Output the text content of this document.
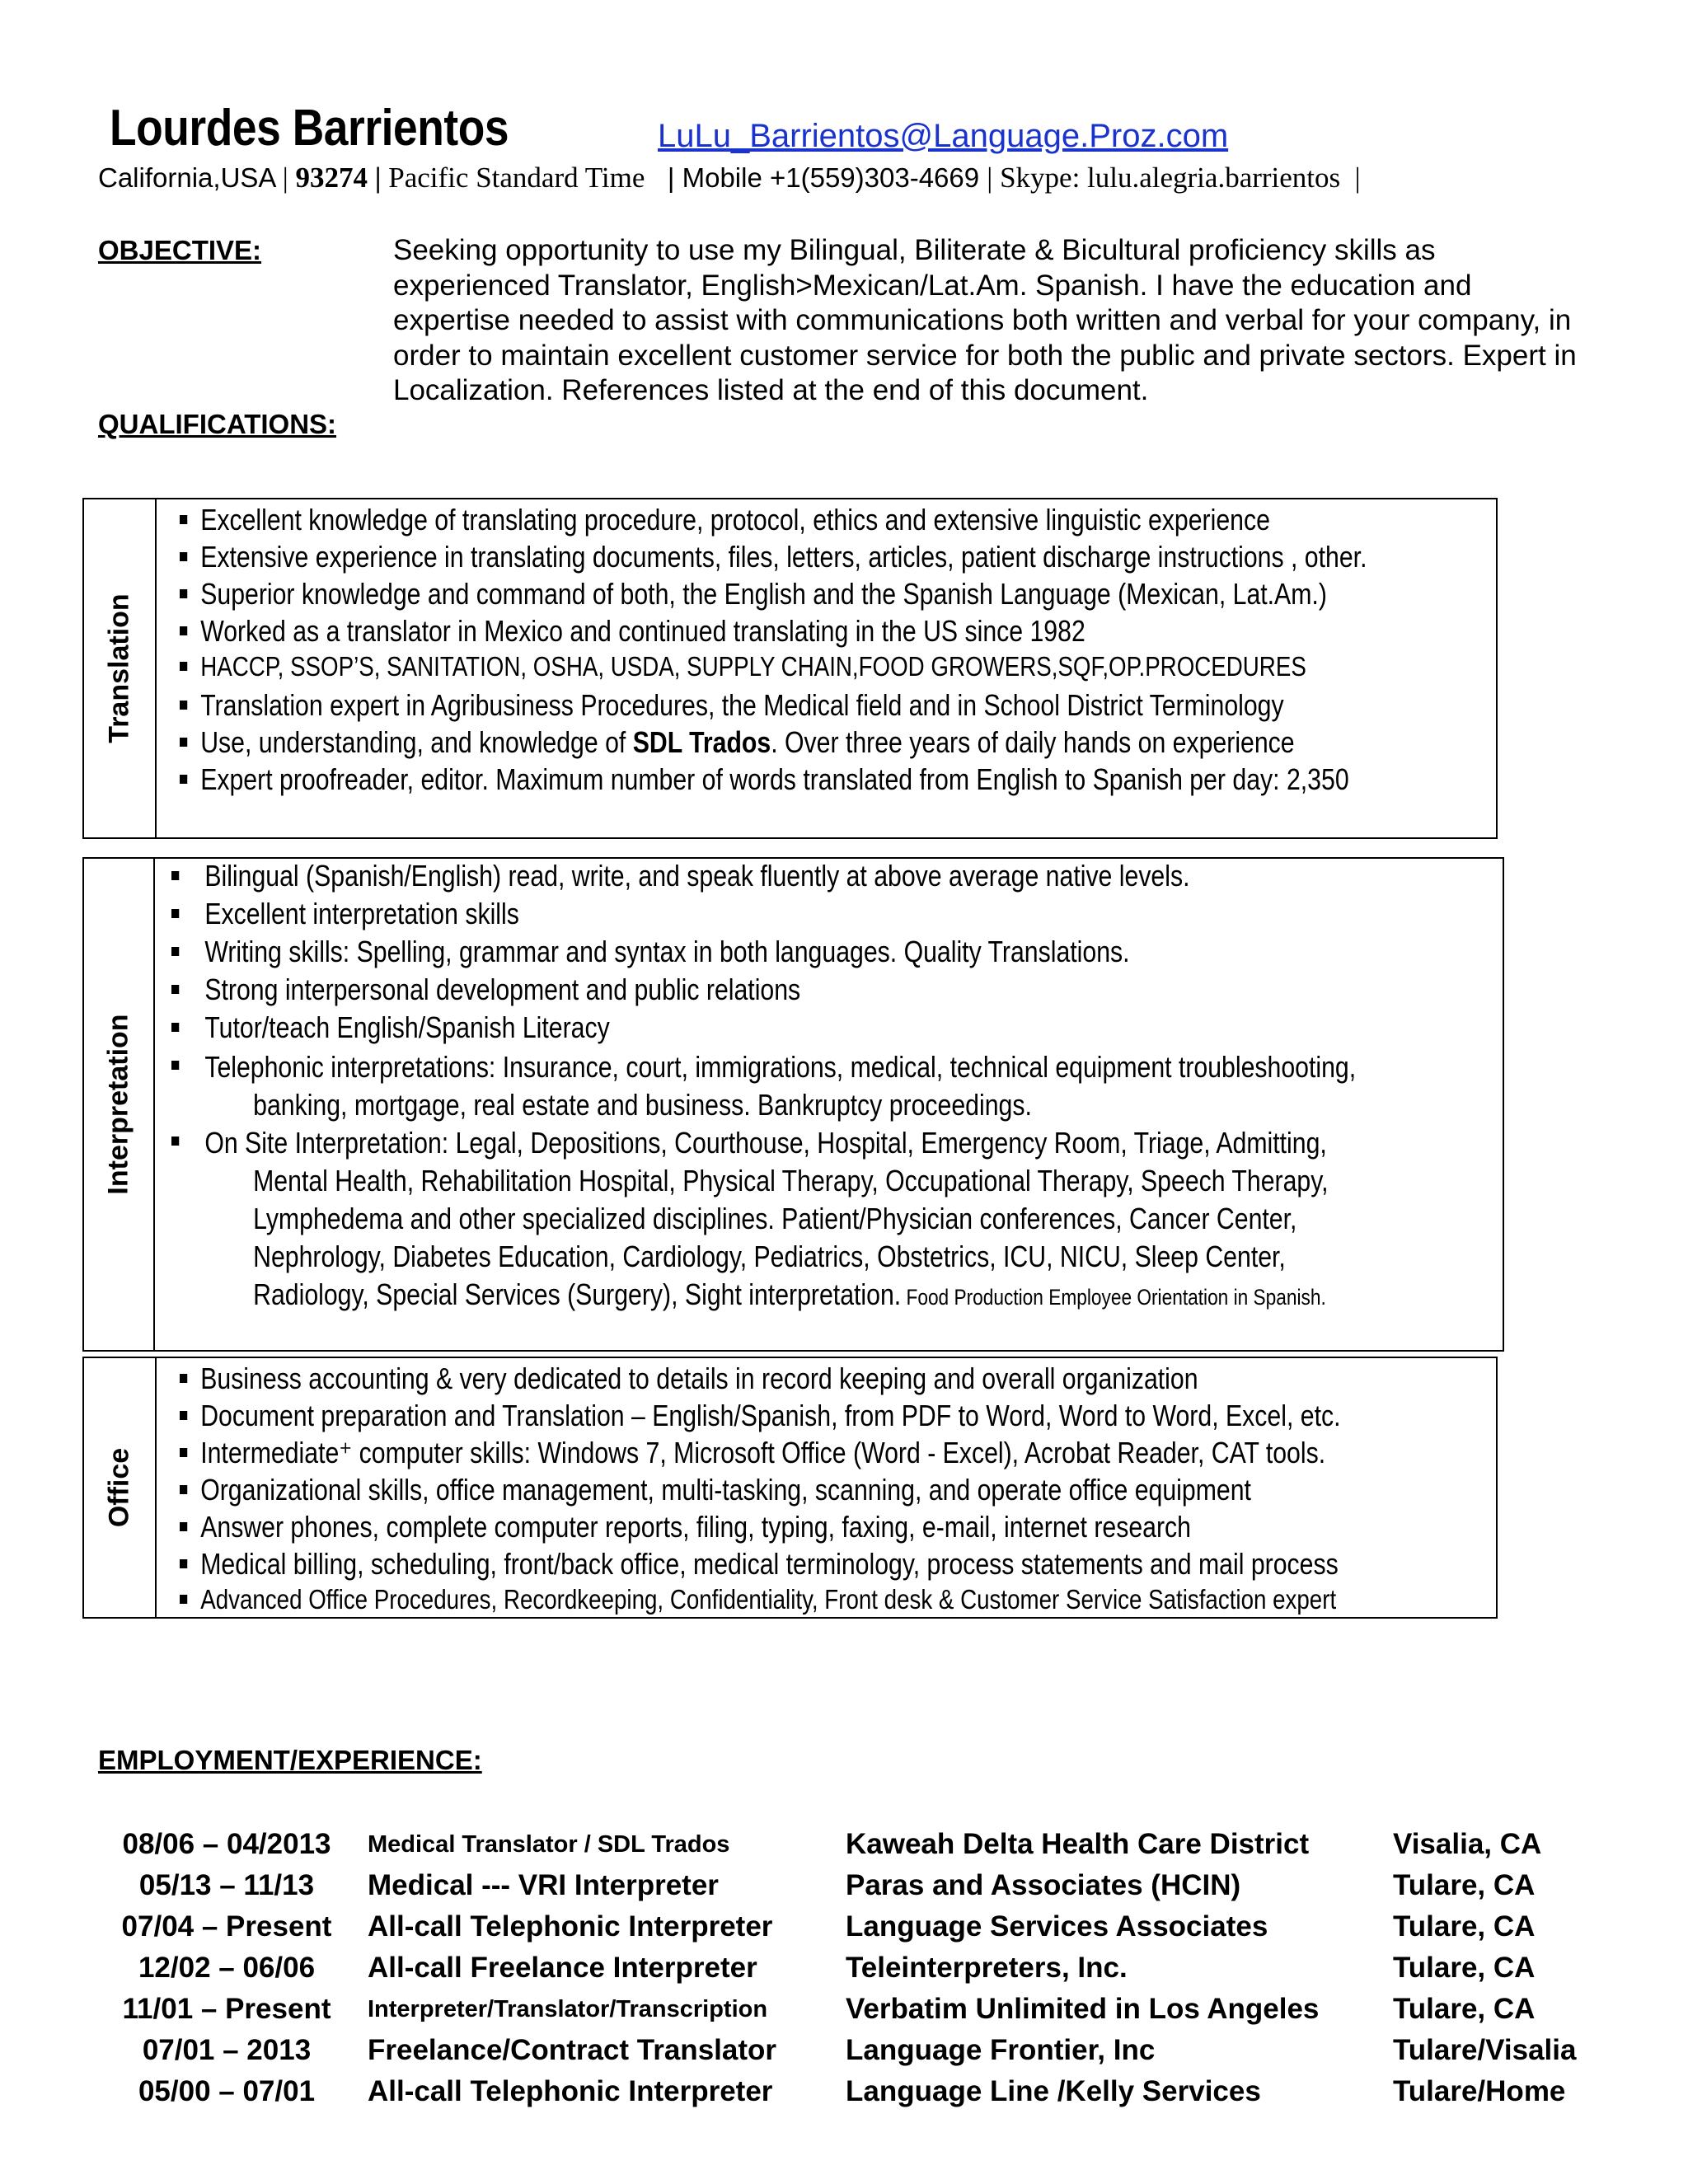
Lourdes Barrientos	LuLu_Barrientos@Language.Proz.com
California,USA | 93274 | Pacific Standard Time   | Mobile +1(559)303-4669 | Skype: lulu.alegria.barrientos  |
OBJECTIVE:	Seeking opportunity to use my Bilingual, Biliterate & Bicultural proficiency skills as experienced Translator, English>Mexican/Lat.Am. Spanish. I have the education and expertise needed to assist with communications both written and verbal for your company, in order to maintain excellent customer service for both the public and private sectors. Expert in Localization. References listed at the end of this document.
QUALIFICATIONS:
Translation
Excellent knowledge of translating procedure, protocol, ethics and extensive linguistic experience
Extensive experience in translating documents, files, letters, articles, patient discharge instructions , other.
Superior knowledge and command of both, the English and the Spanish Language (Mexican, Lat.Am.)
Worked as a translator in Mexico and continued translating in the US since 1982
HACCP, SSOP’S, SANITATION, OSHA, USDA, SUPPLY CHAIN,FOOD GROWERS,SQF,OP.PROCEDURES
Translation expert in Agribusiness Procedures, the Medical field and in School District Terminology
Use, understanding, and knowledge of SDL Trados. Over three years of daily hands on experience
Expert proofreader, editor. Maximum number of words translated from English to Spanish per day: 2,350
Interpretation
Bilingual (Spanish/English) read, write, and speak fluently at above average native levels.
Excellent interpretation skills
Writing skills: Spelling, grammar and syntax in both languages. Quality Translations.
Strong interpersonal development and public relations
Tutor/teach English/Spanish Literacy
Telephonic interpretations: Insurance, court, immigrations, medical, technical equipment troubleshooting,
banking, mortgage, real estate and business. Bankruptcy proceedings.
On Site Interpretation: Legal, Depositions, Courthouse, Hospital, Emergency Room, Triage, Admitting,
Mental Health, Rehabilitation Hospital, Physical Therapy, Occupational Therapy, Speech Therapy,
Lymphedema and other specialized disciplines. Patient/Physician conferences, Cancer Center,
Nephrology, Diabetes Education, Cardiology, Pediatrics, Obstetrics, ICU, NICU, Sleep Center,
Radiology, Special Services (Surgery), Sight interpretation. Food Production Employee Orientation in Spanish.
Office
Business accounting & very dedicated to details in record keeping and overall organization
Document preparation and Translation – English/Spanish, from PDF to Word, Word to Word, Excel, etc.
Intermediate⁺ computer skills: Windows 7, Microsoft Office (Word - Excel), Acrobat Reader, CAT tools.
Organizational skills, office management, multi-tasking, scanning, and operate office equipment
Answer phones, complete computer reports, filing, typing, faxing, e-mail, internet research
Medical billing, scheduling, front/back office, medical terminology, process statements and mail process
Advanced Office Procedures, Recordkeeping, Confidentiality, Front desk & Customer Service Satisfaction expert
EMPLOYMENT/EXPERIENCE:
08/06 – 04/2013	Medical Translator / SDL Trados	Kaweah Delta Health Care District	Visalia, CA
05/13 – 11/13	Medical --- VRI Interpreter	Paras and Associates (HCIN)	Tulare, CA
07/04 – Present	All-call Telephonic Interpreter	Language Services Associates	Tulare, CA
12/02 – 06/06	All-call Freelance Interpreter	Teleinterpreters, Inc.	Tulare, CA
11/01 – Present	Interpreter/Translator/Transcription	Verbatim Unlimited in Los Angeles	Tulare, CA
07/01 – 2013	Freelance/Contract Translator	Language Frontier, Inc	Tulare/Visalia
05/00 – 07/01	All-call Telephonic Interpreter	Language Line /Kelly Services	Tulare/Home
